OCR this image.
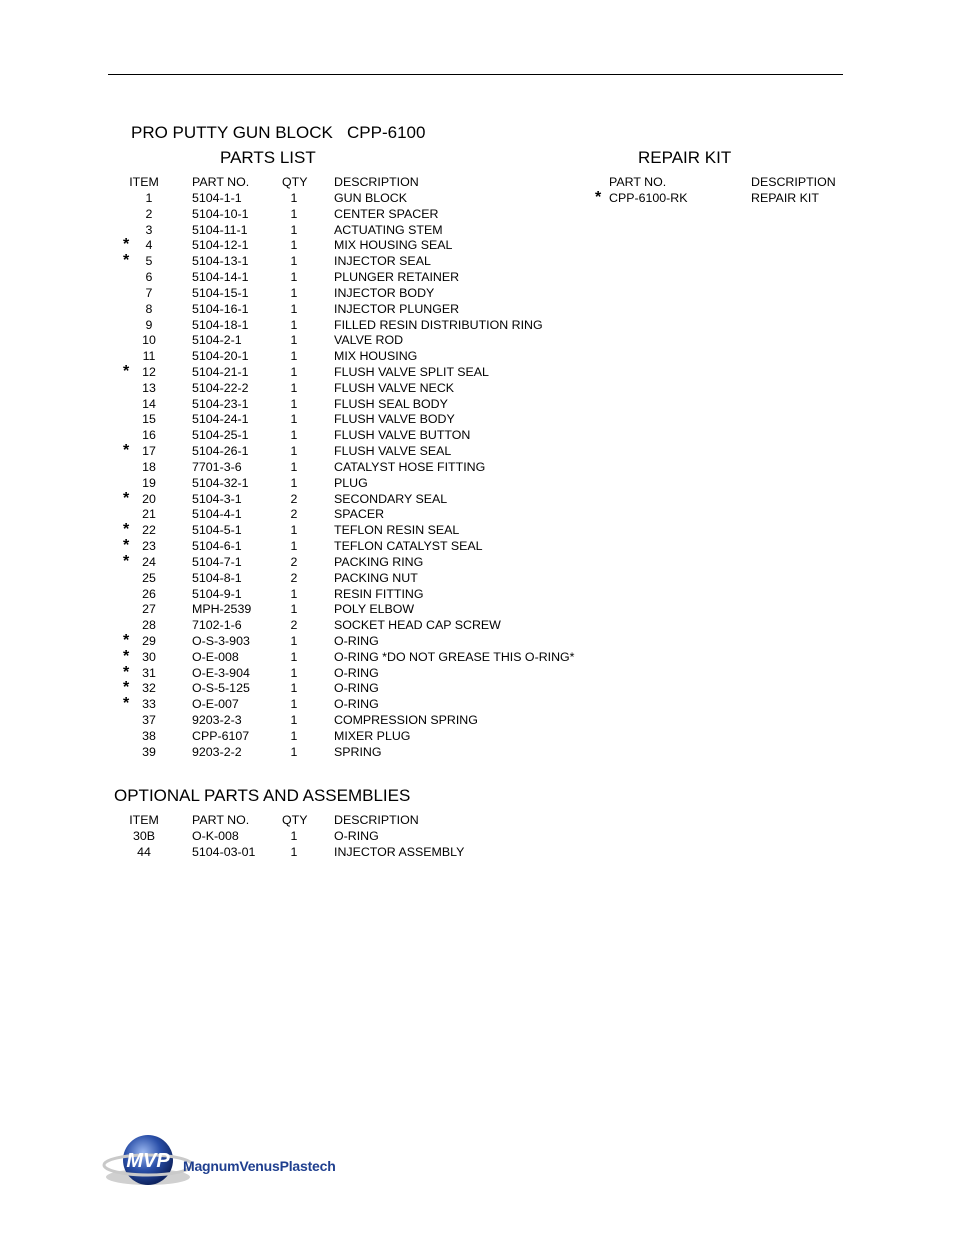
PRO PUTTY GUN BLOCK   CPP-6100
PARTS LIST	REPAIR KIT
ITEM	PART NO.	QTY DESCRIPTION
1	5104-1-1	1	GUN BLOCK
2	5104-10-1	1	CENTER SPACER
3	5104-11-1	1	ACTUATING STEM
*	4	5104-12-1	1	MIX HOUSING SEAL
*	5	5104-13-1	1	INJECTOR SEAL
6	5104-14-1	1	PLUNGER RETAINER
7	5104-15-1	1	INJECTOR BODY
8	5104-16-1	1	INJECTOR PLUNGER
9	5104-18-1	1	FILLED RESIN DISTRIBUTION RING
10	5104-2-1	1	VALVE ROD
11	5104-20-1	1	MIX HOUSING
*	12	5104-21-1	1	FLUSH VALVE SPLIT SEAL
13	5104-22-2	1	FLUSH VALVE NECK
14	5104-23-1	1	FLUSH SEAL BODY
15	5104-24-1	1	FLUSH VALVE BODY
16	5104-25-1	1	FLUSH VALVE BUTTON
*	17	5104-26-1	1	FLUSH VALVE SEAL
18	7701-3-6	1	CATALYST HOSE FITTING
19	5104-32-1	1	PLUG
*	20	5104-3-1	2	SECONDARY SEAL
21	5104-4-1	2	SPACER
*	22	5104-5-1	1	TEFLON RESIN SEAL
*	23	5104-6-1	1	TEFLON CATALYST SEAL
*	24	5104-7-1	2	PACKING RING
25	5104-8-1	2	PACKING NUT
26	5104-9-1	1	RESIN FITTING
27	MPH-2539	1	POLY ELBOW
28	7102-1-6	2	SOCKET HEAD CAP SCREW
*	29	O-S-3-903	1	O-RING
*	30	O-E-008	1	O-RING *DO NOT GREASE THIS O-RING*
*	31	O-E-3-904	1	O-RING
*	32	O-S-5-125	1	O-RING
*	33	O-E-007	1	O-RING
37	9203-2-3	1	COMPRESSION SPRING
38	CPP-6107	1	MIXER PLUG
39	9203-2-2	1	SPRING
PART NO.	DESCRIPTION
* CPP-6100-RK	REPAIR KIT
OPTIONAL PARTS AND ASSEMBLIES
ITEM	PART NO.	QTY DESCRIPTION
30B	O-K-008	1	O-RING
44	5104-03-01	1	INJECTOR ASSEMBLY
MVP MagnumVenusPlastech
